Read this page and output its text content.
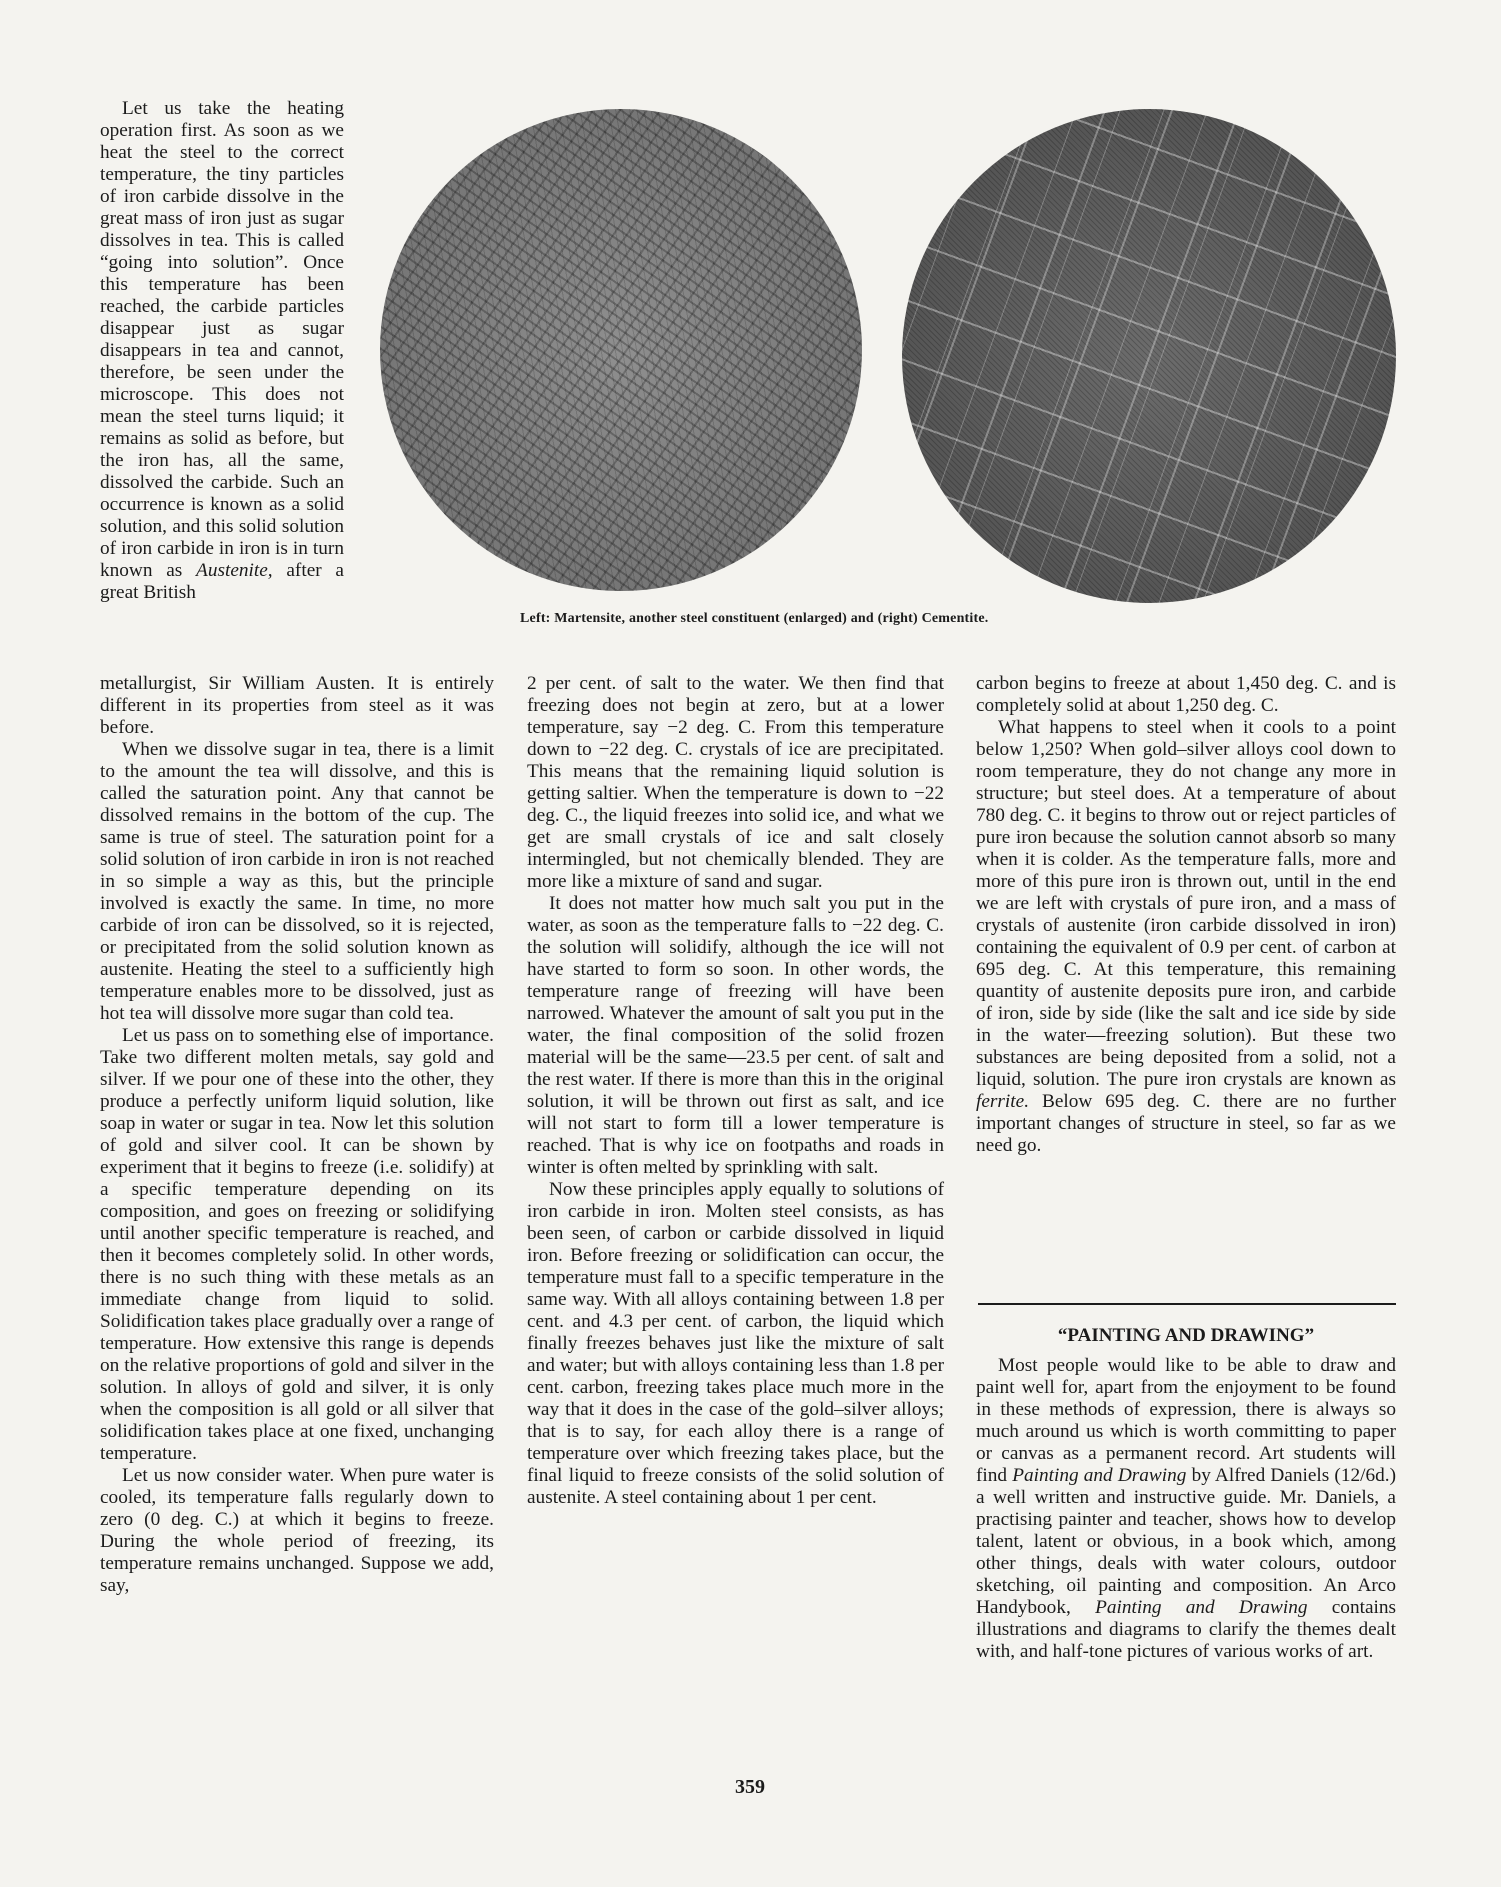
Let us take the heating operation first. As soon as we heat the steel to the correct temperature, the tiny particles of iron carbide dissolve in the great mass of iron just as sugar dissolves in tea. This is called “going into solution”. Once this temperature has been reached, the carbide particles disappear just as sugar disappears in tea and cannot, therefore, be seen under the microscope. This does not mean the steel turns liquid; it remains as solid as before, but the iron has, all the same, dissolved the carbide. Such an occurrence is known as a solid solution, and this solid solution of iron carbide in iron is in turn known as Austenite, after a great British

Left: Martensite, another steel constituent (enlarged) and (right) Cementite.

metallurgist, Sir William Austen. It is entirely different in its properties from steel as it was before.

When we dissolve sugar in tea, there is a limit to the amount the tea will dissolve, and this is called the saturation point. Any that cannot be dissolved remains in the bottom of the cup. The same is true of steel. The saturation point for a solid solution of iron carbide in iron is not reached in so simple a way as this, but the principle involved is exactly the same. In time, no more carbide of iron can be dissolved, so it is rejected, or precipitated from the solid solution known as austenite. Heating the steel to a sufficiently high temperature enables more to be dissolved, just as hot tea will dissolve more sugar than cold tea.

Let us pass on to something else of importance. Take two different molten metals, say gold and silver. If we pour one of these into the other, they produce a perfectly uniform liquid solution, like soap in water or sugar in tea. Now let this solution of gold and silver cool. It can be shown by experiment that it begins to freeze (i.e. solidify) at a specific temperature depending on its composition, and goes on freezing or solidifying until another specific temperature is reached, and then it becomes completely solid. In other words, there is no such thing with these metals as an immediate change from liquid to solid. Solidification takes place gradually over a range of temperature. How extensive this range is depends on the relative proportions of gold and silver in the solution. In alloys of gold and silver, it is only when the composition is all gold or all silver that solidification takes place at one fixed, unchanging temperature.

Let us now consider water. When pure water is cooled, its temperature falls regularly down to zero (0 deg. C.) at which it begins to freeze. During the whole period of freezing, its temperature remains unchanged. Suppose we add, say,

2 per cent. of salt to the water. We then find that freezing does not begin at zero, but at a lower temperature, say −2 deg. C. From this temperature down to −22 deg. C. crystals of ice are precipitated. This means that the remaining liquid solution is getting saltier. When the temperature is down to −22 deg. C., the liquid freezes into solid ice, and what we get are small crystals of ice and salt closely intermingled, but not chemically blended. They are more like a mixture of sand and sugar.

It does not matter how much salt you put in the water, as soon as the temperature falls to −22 deg. C. the solution will solidify, although the ice will not have started to form so soon. In other words, the temperature range of freezing will have been narrowed. Whatever the amount of salt you put in the water, the final composition of the solid frozen material will be the same—23.5 per cent. of salt and the rest water. If there is more than this in the original solution, it will be thrown out first as salt, and ice will not start to form till a lower temperature is reached. That is why ice on footpaths and roads in winter is often melted by sprinkling with salt.

Now these principles apply equally to solutions of iron carbide in iron. Molten steel consists, as has been seen, of carbon or carbide dissolved in liquid iron. Before freezing or solidification can occur, the temperature must fall to a specific temperature in the same way. With all alloys containing between 1.8 per cent. and 4.3 per cent. of carbon, the liquid which finally freezes behaves just like the mixture of salt and water; but with alloys containing less than 1.8 per cent. carbon, freezing takes place much more in the way that it does in the case of the gold–silver alloys; that is to say, for each alloy there is a range of temperature over which freezing takes place, but the final liquid to freeze consists of the solid solution of austenite. A steel containing about 1 per cent.

carbon begins to freeze at about 1,450 deg. C. and is completely solid at about 1,250 deg. C.

What happens to steel when it cools to a point below 1,250? When gold–silver alloys cool down to room temperature, they do not change any more in structure; but steel does. At a temperature of about 780 deg. C. it begins to throw out or reject particles of pure iron because the solution cannot absorb so many when it is colder. As the temperature falls, more and more of this pure iron is thrown out, until in the end we are left with crystals of pure iron, and a mass of crystals of austenite (iron carbide dissolved in iron) containing the equivalent of 0.9 per cent. of carbon at 695 deg. C. At this temperature, this remaining quantity of austenite deposits pure iron, and carbide of iron, side by side (like the salt and ice side by side in the water—freezing solution). But these two substances are being deposited from a solid, not a liquid, solution. The pure iron crystals are known as ferrite. Below 695 deg. C. there are no further important changes of structure in steel, so far as we need go.

“PAINTING AND DRAWING”

Most people would like to be able to draw and paint well for, apart from the enjoyment to be found in these methods of expression, there is always so much around us which is worth committing to paper or canvas as a permanent record. Art students will find Painting and Drawing by Alfred Daniels (12/6d.) a well written and instructive guide. Mr. Daniels, a practising painter and teacher, shows how to develop talent, latent or obvious, in a book which, among other things, deals with water colours, outdoor sketching, oil painting and composition. An Arco Handybook, Painting and Drawing contains illustrations and diagrams to clarify the themes dealt with, and half-tone pictures of various works of art.

359
